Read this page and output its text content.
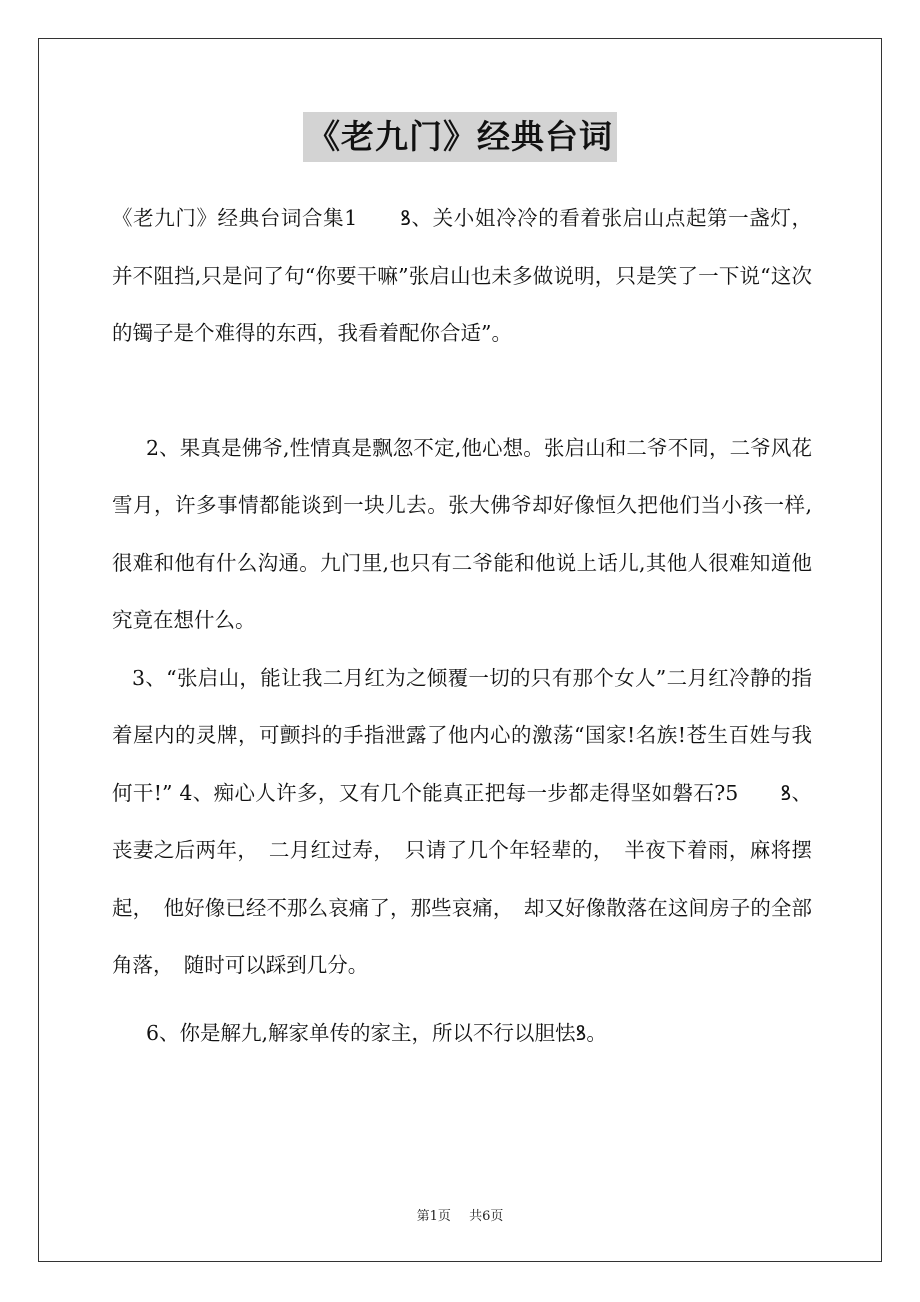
《老九门》经典台词

《老九门》经典台词合集1　　ꝸ、关小姐冷冷的看着张启山点起第一盏灯，并不阻挡,只是问了句“你要干嘛”张启山也未多做说明，只是笑了一下说“这次的镯子是个难得的东西，我看着配你合适”。

2、果真是佛爷,性情真是飘忽不定,他心想。张启山和二爷不同，二爷风花雪月，许多事情都能谈到一块儿去。张大佛爷却好像恒久把他们当小孩一样,很难和他有什么沟通。九门里,也只有二爷能和他说上话儿,其他人很难知道他究竟在想什么。

3、“张启山，能让我二月红为之倾覆一切的只有那个女人”二月红冷静的指着屋内的灵牌，可颤抖的手指泄露了他内心的激荡“国家!名族!苍生百姓与我何干!” 4、痴心人许多，又有几个能真正把每一步都走得坚如磐石?5　　ꝸ、丧妻之后两年，　二月红过寿，　只请了几个年轻辈的，　半夜下着雨，麻将摆起，　他好像已经不那么哀痛了，那些哀痛，　却又好像散落在这间房子的全部角落，　随时可以踩到几分。

6、你是解九,解家单传的家主，所以不行以胆怯ꝸ。

第1页 共6页
